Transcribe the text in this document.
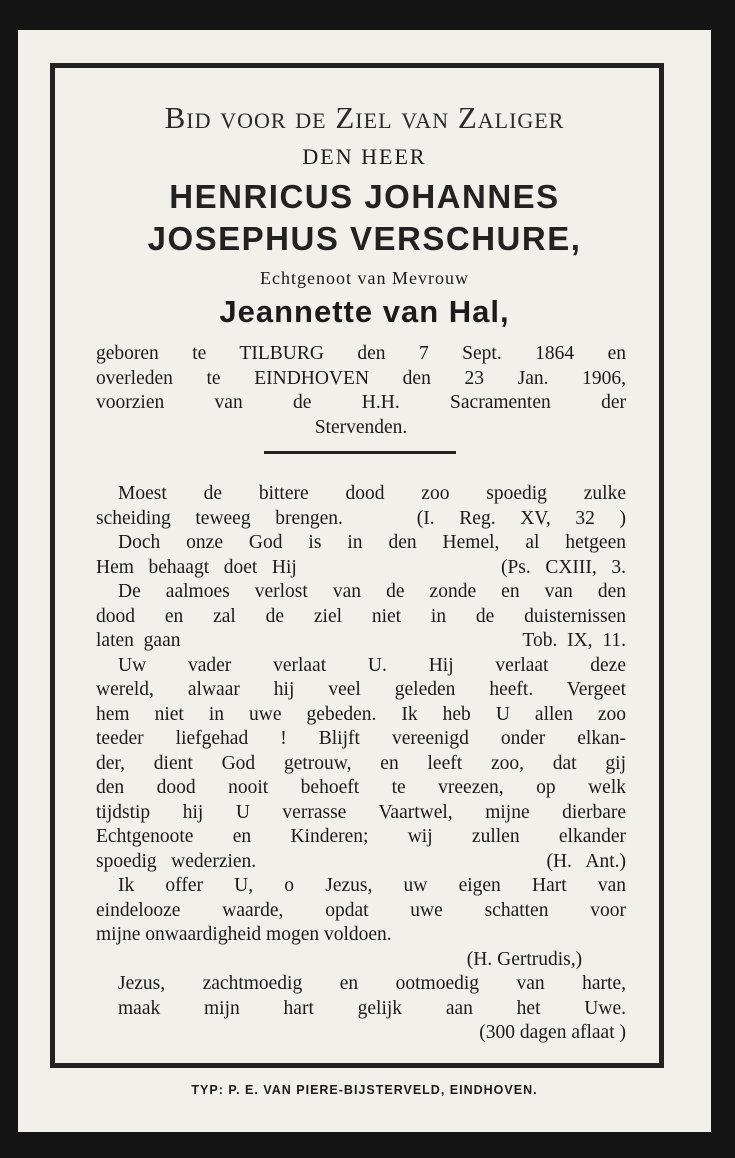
Bid voor de Ziel van Zaliger
DEN HEER
HENRICUS JOHANNES
JOSEPHUS VERSCHURE,
Echtgenoot van Mevrouw
Jeannette van Hal,
geboren te TILBURG den 7 Sept. 1864 en
overleden te EINDHOVEN den 23 Jan. 1906,
voorzien van de H.H. Sacramenten der
Stervenden.
Moest de bittere dood zoo spoedig zulke
scheiding teweeg brengen.   (I. Reg. XV, 32 )
Doch onze God is in den Hemel, al hetgeen
Hem behaagt doet Hij              (Ps. CXIII, 3.
De aalmoes verlost van de zonde en van den
dood en zal de ziel niet in de duisternissen
laten gaan                                   Tob. IX, 11.
Uw vader verlaat U. Hij verlaat deze
wereld, alwaar hij veel geleden heeft. Vergeet
hem niet in uwe gebeden. Ik heb U allen zoo
teeder liefgehad ! Blijft vereenigd onder elkan-
der, dient God getrouw, en leeft zoo, dat gij
den dood nooit behoeft te vreezen, op welk
tijdstip hij U verrasse Vaartwel, mijne dierbare
Echtgenoote en Kinderen; wij zullen elkander
spoedig wederzien.                    (H. Ant.)
Ik offer U, o Jezus, uw eigen Hart van
eindelooze waarde, opdat uwe schatten voor
mijne onwaardigheid mogen voldoen.
(H. Gertrudis,)
Jezus, zachtmoedig en ootmoedig van harte,
maak mijn hart gelijk aan het Uwe.
(300 dagen aflaat )
TYP: P. E. VAN PIERE-BIJSTERVELD, EINDHOVEN.
